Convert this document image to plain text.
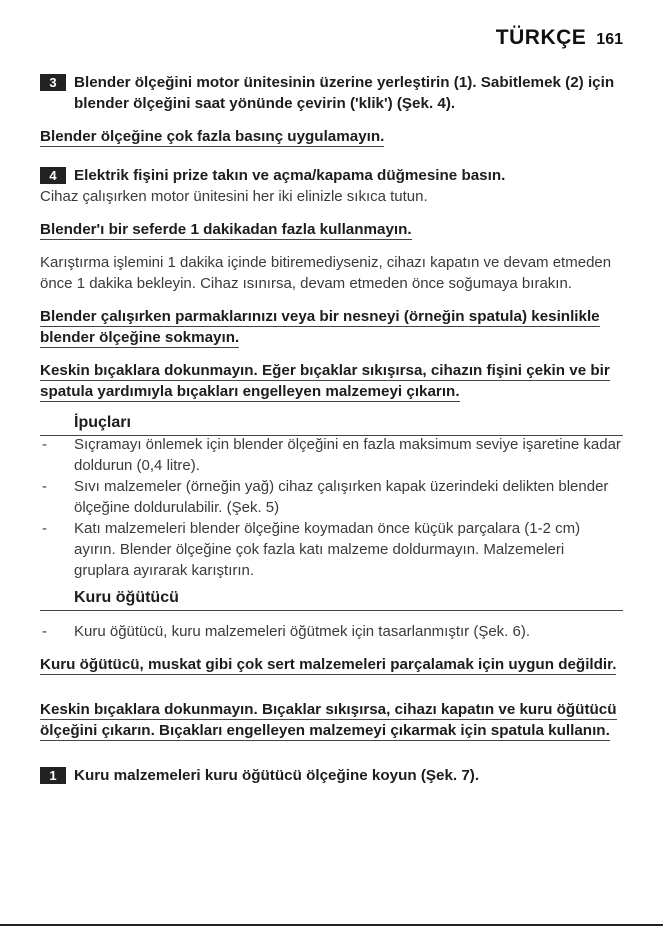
TÜRKÇE 161
3	Blender ölçeğini motor ünitesinin üzerine yerleştirin (1). Sabitlemek (2) için blender ölçeğini saat yönünde çevirin ('klik') (Şek. 4).
Blender ölçeğine çok fazla basınç uygulamayın.
4	Elektrik fişini prize takın ve açma/kapama düğmesine basın.
Cihaz çalışırken motor ünitesini her iki elinizle sıkıca tutun.
Blender'ı bir seferde 1 dakikadan fazla kullanmayın.
Karıştırma işlemini 1 dakika içinde bitiremediyseniz, cihazı kapatın ve devam etmeden önce 1 dakika bekleyin. Cihaz ısınırsa, devam etmeden önce soğumaya bırakın.
Blender çalışırken parmaklarınızı veya bir nesneyi (örneğin spatula) kesinlikle blender ölçeğine sokmayın.
Keskin bıçaklara dokunmayın. Eğer bıçaklar sıkışırsa, cihazın fişini çekin ve bir spatula yardımıyla bıçakları engelleyen malzemeyi çıkarın.
İpuçları
- Sıçramayı önlemek için blender ölçeğini en fazla maksimum seviye işaretine kadar doldurun (0,4 litre).
- Sıvı malzemeler (örneğin yağ) cihaz çalışırken kapak üzerindeki delikten blender ölçeğine doldurulabilir. (Şek. 5)
- Katı malzemeleri blender ölçeğine koymadan önce küçük parçalara (1-2 cm) ayırın. Blender ölçeğine çok fazla katı malzeme doldurmayın. Malzemeleri gruplara ayırarak karıştırın.
Kuru öğütücü
- Kuru öğütücü, kuru malzemeleri öğütmek için tasarlanmıştır (Şek. 6).
Kuru öğütücü, muskat gibi çok sert malzemeleri parçalamak için uygun değildir.
Keskin bıçaklara dokunmayın. Bıçaklar sıkışırsa, cihazı kapatın ve kuru öğütücü ölçeğini çıkarın. Bıçakları engelleyen malzemeyi çıkarmak için spatula kullanın.
1	Kuru malzemeleri kuru öğütücü ölçeğine koyun (Şek. 7).
